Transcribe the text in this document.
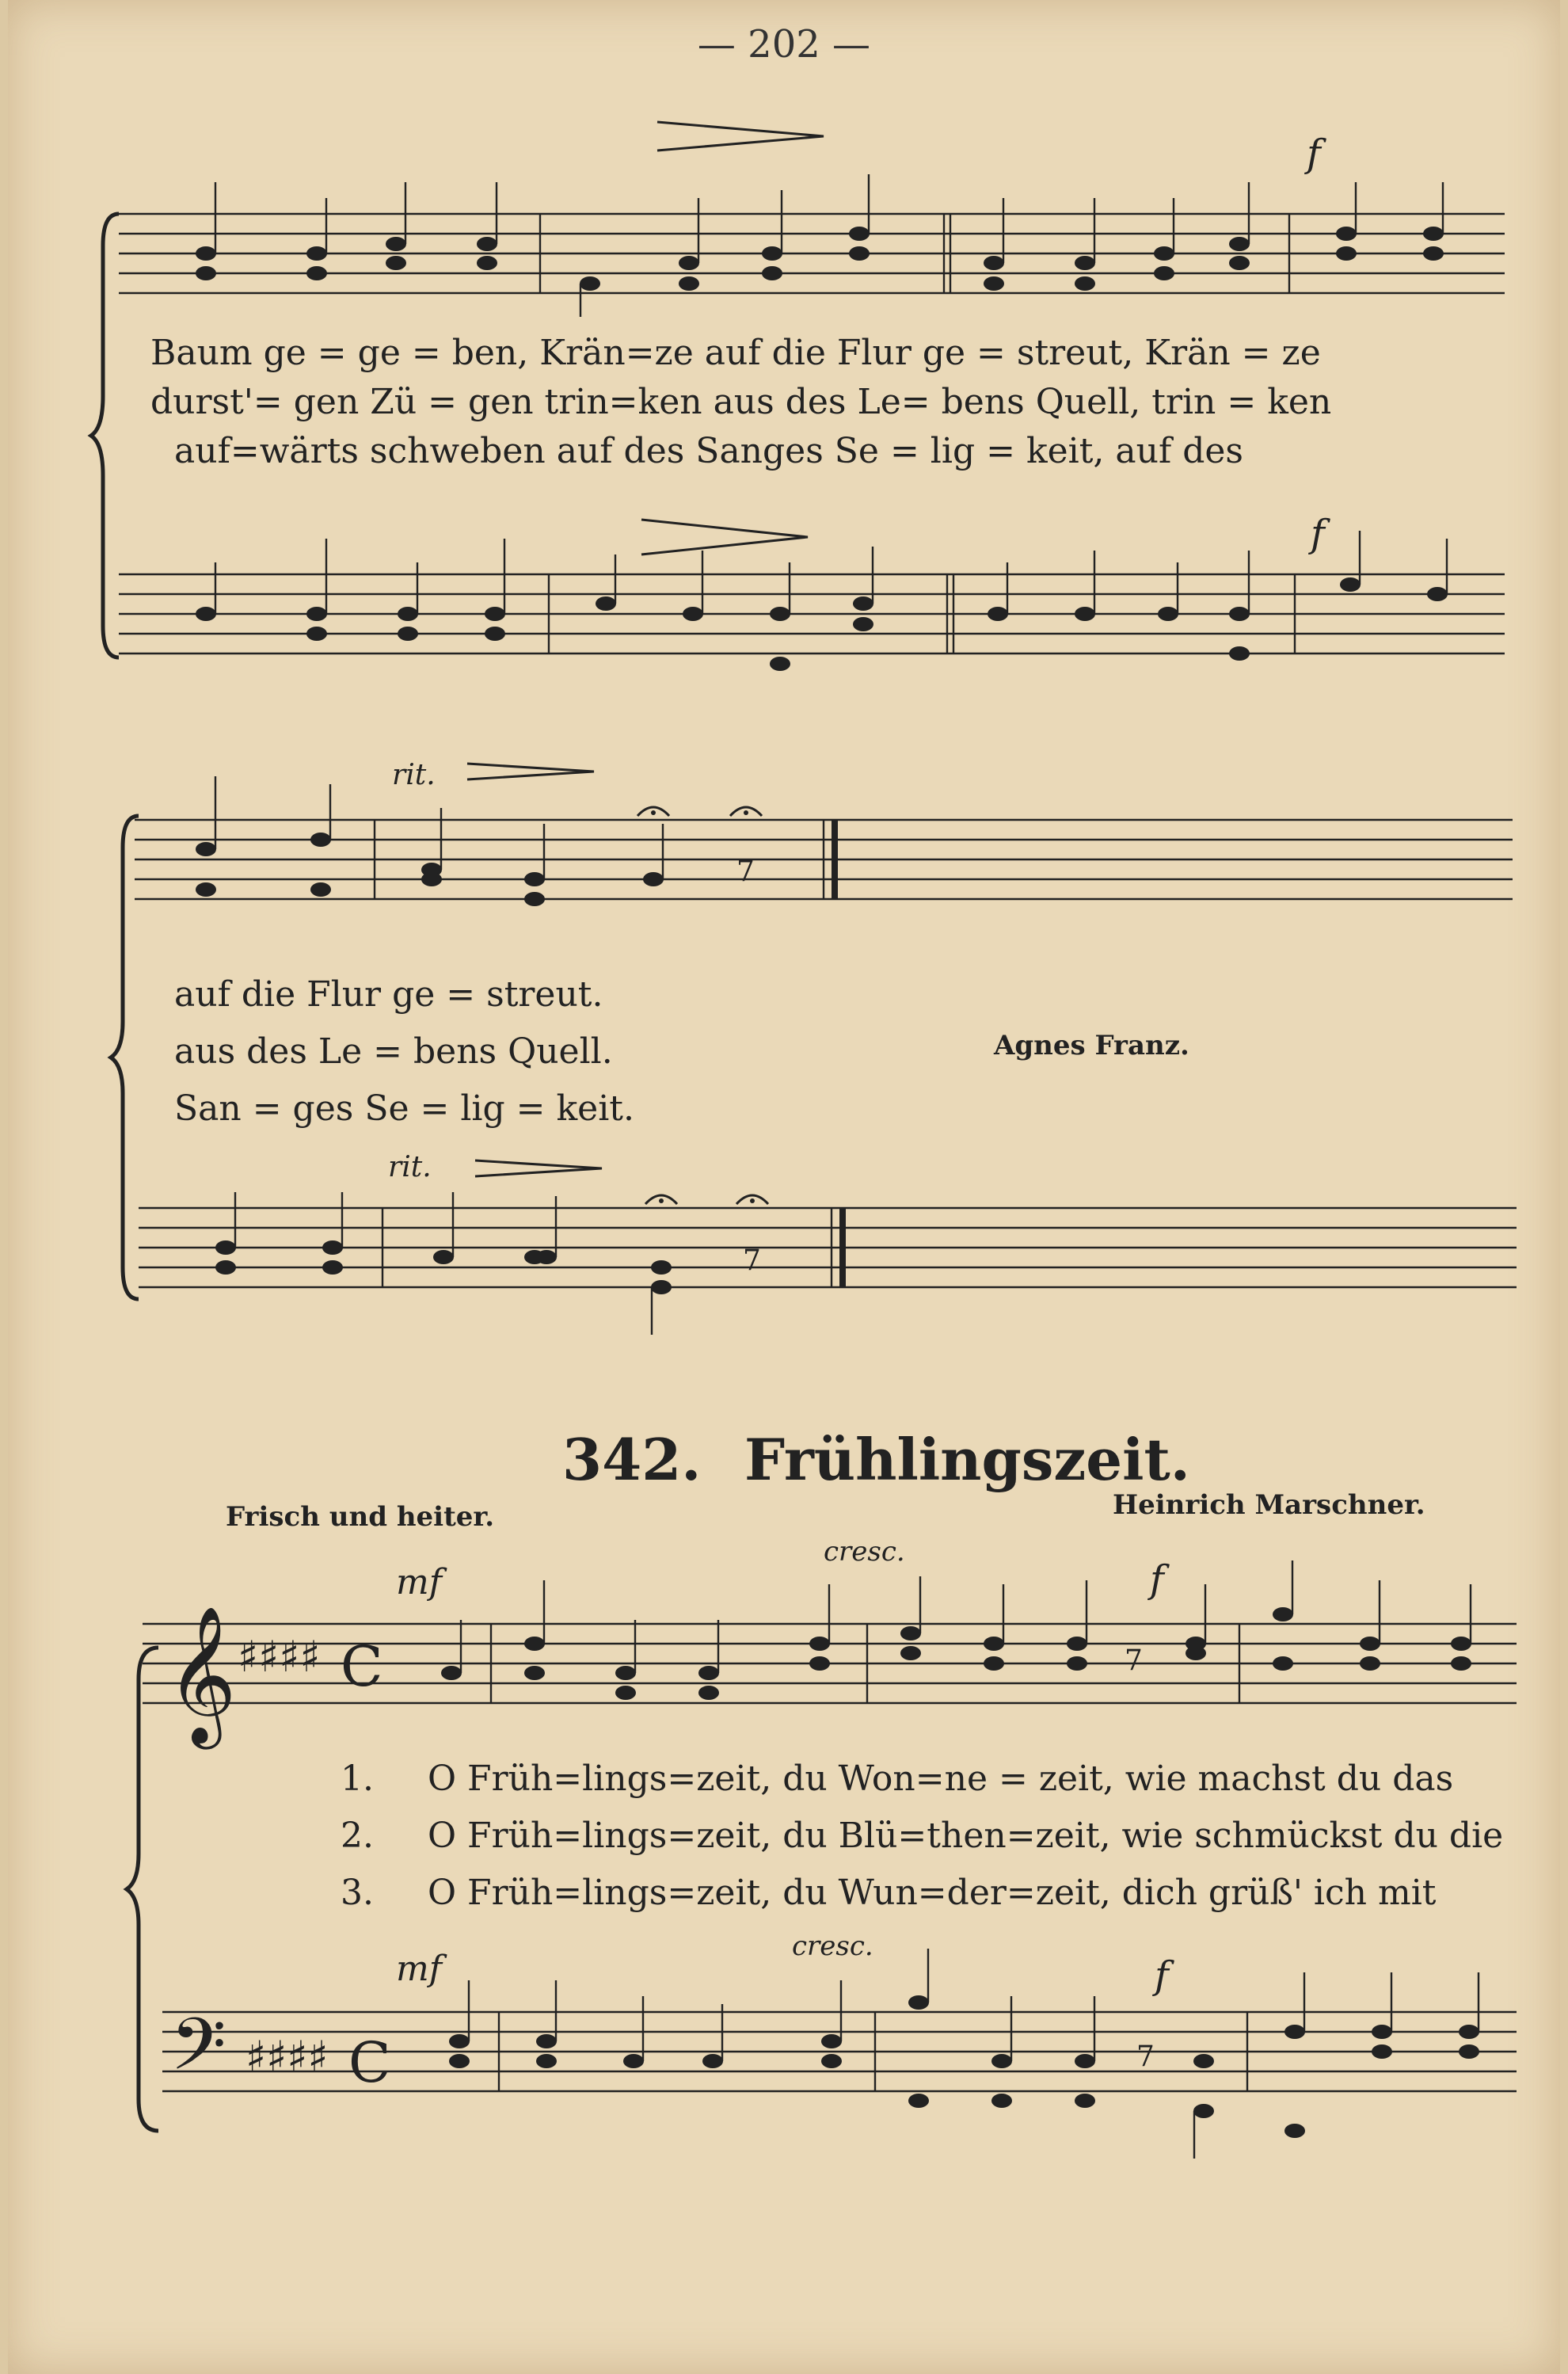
— 202 —
f
Baum ge = ge = ben, Krän=ze auf die Flur ge = streut, Krän = ze
durst'= gen Zü = gen trin=ken aus des Le= bens Quell, trin = ken
auf=wärts schweben auf des Sanges Se = lig = keit, auf des
f
rit.
7
auf die Flur ge = streut.
aus des Le = bens Quell.
San = ges Se = lig = keit.
Agnes Franz.
rit.
7
342. Frühlingszeit.
Frisch und heiter.	Heinrich Marschner.
mf
cresc.
f
𝄞 ♯♯♯♯ C	7
1. O Früh=lings=zeit, du Won=ne = zeit, wie machst du das
2. O Früh=lings=zeit, du Blü=then=zeit, wie schmückst du die
3. O Früh=lings=zeit, du Wun=der=zeit, dich grüß' ich mit
mf
cresc.
f
𝄢 ♯♯♯♯ C	7
